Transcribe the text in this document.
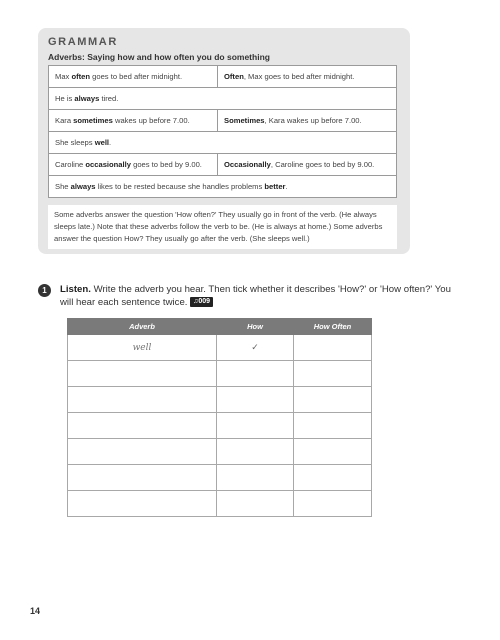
GRAMMAR
Adverbs: Saying how and how often you do something
Max often goes to bed after midnight.	Often, Max goes to bed after midnight.
He is always tired.	
Kara sometimes wakes up before 7.00.	Sometimes, Kara wakes up before 7.00.
She sleeps well.	
Caroline occasionally goes to bed by 9.00.	Occasionally, Caroline goes to bed by 9.00.
She always likes to be rested because she handles problems better.	
Some adverbs answer the question 'How often?' They usually go in front of the verb. (He always sleeps late.) Note that these adverbs follow the verb to be. (He is always at home.) Some adverbs answer the question How? They usually go after the verb. (She sleeps well.)
1	Listen. Write the adverb you hear. Then tick whether it describes 'How?' or 'How often?' You will hear each sentence twice. ♫009
Adverb	How	How Often
well	✓	

14
